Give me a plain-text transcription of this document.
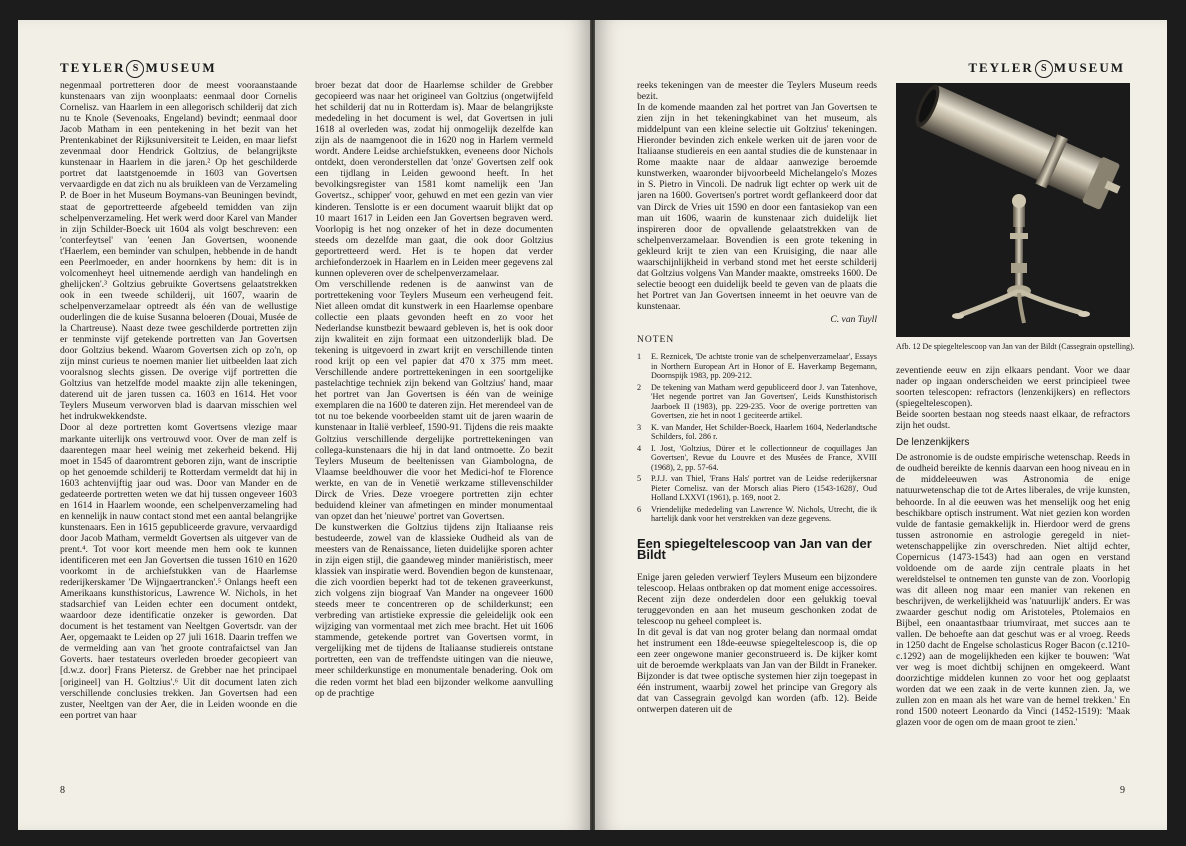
TEYLER S MUSEUM

negenmaal portretteren door de meest vooraanstaande kunstenaars van zijn woonplaats: eenmaal door Cornelis Cornelisz. van Haarlem in een allegorisch schilderij dat zich nu te Knole (Sevenoaks, Engeland) bevindt; eenmaal door Jacob Matham in een pentekening in het bezit van het Prentenkabinet der Rijksuniversiteit te Leiden, en maar liefst zevenmaal door Hendrick Goltzius, de belangrijkste kunstenaar in Haarlem in die jaren.² Op het geschilderde portret dat laatstgenoemde in 1603 van Govertsen vervaardigde en dat zich nu als bruikleen van de Verzameling P. de Boer in het Museum Boymans-van Beuningen bevindt, staat de geportretteerde afgebeeld temidden van zijn schelpenverzameling. Het werk werd door Karel van Mander in zijn Schilder-Boeck uit 1604 als volgt beschreven: een 'conterfeytsel' van 'eenen Jan Govertsen, woonende t'Haerlem, een beminder van schulpen, hebbende in de handt een Peerlmoeder, en ander hoornkens by hem: dit is in volcomenheyt heel uitnemende aerdigh van handelingh en ghelijcken'.³ Goltzius gebruikte Govertsens gelaatstrekken ook in een tweede schilderij, uit 1607, waarin de schelpenverzamelaar optreedt als één van de wellustige ouderlingen die de kuise Susanna beloeren (Douai, Musée de la Chartreuse). Naast deze twee geschilderde portretten zijn er tenminste vijf getekende portretten van Jan Govertsen door Goltzius bekend. Waarom Govertsen zich op zo'n, op zijn minst curieus te noemen manier liet uitbeelden laat zich vooralsnog slechts gissen. De overige vijf portretten die Goltzius van hetzelfde model maakte zijn alle tekeningen, daterend uit de jaren tussen ca. 1603 en 1614. Het voor Teylers Museum verworven blad is daarvan misschien wel het indrukwekkendste.

Door al deze portretten komt Govertsens vlezige maar markante uiterlijk ons vertrouwd voor. Over de man zelf is daarentegen maar heel weinig met zekerheid bekend. Hij moet in 1545 of daaromtrent geboren zijn, want de inscriptie op het genoemde schilderij te Rotterdam vermeldt dat hij in 1603 achtenvijftig jaar oud was. Door van Mander en de gedateerde portretten weten we dat hij tussen ongeveer 1603 en 1614 in Haarlem woonde, een schelpenverzameling had en kennelijk in nauw contact stond met een aantal belangrijke kunstenaars. Een in 1615 gepubliceerde gravure, vervaardigd door Jacob Matham, vermeldt Govertsen als uitgever van de prent.⁴. Tot voor kort meende men hem ook te kunnen identificeren met een Jan Govertsen die tussen 1610 en 1620 voorkomt in de archiefstukken van de Haarlemse rederijkerskamer 'De Wijngaertrancken'.⁵ Onlangs heeft een Amerikaans kunsthistoricus, Lawrence W. Nichols, in het stadsarchief van Leiden echter een document ontdekt, waardoor deze identificatie onzeker is geworden. Dat document is het testament van Neeltgen Govertsdr. van der Aer, opgemaakt te Leiden op 27 juli 1618. Daarin treffen we de vermelding aan van 'het groote contrafaictsel van Jan Goverts. haer testateurs overleden broeder gecopieert van [d.w.z. door] Frans Pietersz. de Grebber nae het principael [origineel] van H. Goltzius'.⁶ Uit dit document laten zich verschillende conclusies trekken. Jan Govertsen had een zuster, Neeltgen van der Aer, die in Leiden woonde en die een portret van haar

broer bezat dat door de Haarlemse schilder de Grebber gecopieerd was naar het origineel van Goltzius (ongetwijfeld het schilderij dat nu in Rotterdam is). Maar de belangrijkste mededeling in het document is wel, dat Govertsen in juli 1618 al overleden was, zodat hij onmogelijk dezelfde kan zijn als de naamgenoot die in 1620 nog in Harlem vermeld wordt. Andere Leidse archiefstukken, eveneens door Nichols ontdekt, doen veronderstellen dat 'onze' Govertsen zelf ook een tijdlang in Leiden gewoond heeft. In het bevolkingsregister van 1581 komt namelijk een 'Jan Govertsz., schipper' voor, gehuwd en met een gezin van vier kinderen. Tenslotte is er een document waaruit blijkt dat op 10 maart 1617 in Leiden een Jan Govertsen begraven werd. Voorlopig is het nog onzeker of het in deze documenten steeds om dezelfde man gaat, die ook door Goltzius geportretteerd werd. Het is te hopen dat verder archiefonderzoek in Haarlem en in Leiden meer gegevens zal kunnen opleveren over de schelpenverzamelaar.

Om verschillende redenen is de aanwinst van de portrettekening voor Teylers Museum een verheugend feit. Niet alleen omdat dit kunstwerk in een Haarlemse openbare collectie een plaats gevonden heeft en zo voor het Nederlandse kunstbezit bewaard gebleven is, het is ook door zijn kwaliteit en zijn formaat een uitzonderlijk blad. De tekening is uitgevoerd in zwart krijt en verschillende tinten rood krijt op een vel papier dat 470 x 375 mm meet. Verschillende andere portrettekeningen in een soortgelijke pastelachtige techniek zijn bekend van Goltzius' hand, maar het portret van Jan Govertsen is één van de weinige exemplaren die na 1600 te dateren zijn. Het merendeel van de tot nu toe bekende voorbeelden stamt uit de jaren waarin de kunstenaar in Italië verbleef, 1590-91. Tijdens die reis maakte Goltzius verschillende dergelijke portrettekeningen van collega-kunstenaars die hij in dat land ontmoette. Zo bezit Teylers Museum de beeltenissen van Giambologna, de Vlaamse beeldhouwer die voor het Medici-hof te Florence werkte, en van de in Venetië werkzame stillevenschilder Dirck de Vries. Deze vroegere portretten zijn echter beduidend kleiner van afmetingen en minder monumentaal van opzet dan het 'nieuwe' portret van Govertsen.

De kunstwerken die Goltzius tijdens zijn Italiaanse reis bestudeerde, zowel van de klassieke Oudheid als van de meesters van de Renaissance, lieten duidelijke sporen achter in zijn eigen stijl, die gaandeweg minder maniëristisch, meer klassiek van inspiratie werd. Bovendien begon de kunstenaar, die zich voordien beperkt had tot de tekenen graveerkunst, zich volgens zijn biograaf Van Mander na ongeveer 1600 steeds meer te concentreren op de schilderkunst; een verbreding van artistieke expressie die geleidelijk ook een wijziging van vormentaal met zich mee bracht. Het uit 1606 stammende, getekende portret van Govertsen vormt, in vergelijking met de tijdens de Italiaanse studiereis ontstane portretten, een van de treffendste uitingen van die nieuwe, meer schilderkunstige en monumentale benadering. Ook om die reden vormt het blad een bijzonder welkome aanvulling op de prachtige

8
TEYLER S MUSEUM

reeks tekeningen van de meester die Teylers Museum reeds bezit.

In de komende maanden zal het portret van Jan Govertsen te zien zijn in het tekeningkabinet van het museum, als middelpunt van een kleine selectie uit Goltzius' tekeningen. Hieronder bevinden zich enkele werken uit de jaren voor de Italiaanse studiereis en een aantal studies die de kunstenaar in Rome maakte naar de aldaar aanwezige beroemde kunstwerken, waaronder bijvoorbeeld Michelangelo's Mozes in S. Pietro in Vincoli. De nadruk ligt echter op werk uit de jaren na 1600. Govertsen's portret wordt geflankeerd door dat van Dirck de Vries uit 1590 en door een fantasiekop van een man uit 1606, waarin de kunstenaar zich duidelijk liet inspireren door de opvallende gelaatstrekken van de schelpenverzamelaar. Bovendien is een grote tekening in gekleurd krijt te zien van een Kruisiging, die naar alle waarschijnlijkheid in verband stond met het eerste schilderij dat Goltzius volgens Van Mander maakte, omstreeks 1600. De selectie beoogt een duidelijk beeld te geven van de plaats die het Portret van Jan Govertsen inneemt in het oeuvre van de kunstenaar.

C. van Tuyll
NOTEN
1	E. Reznicek, 'De achtste tronie van de schelpenverzamelaar', Essays in Northern European Art in Honor of E. Haverkamp Begemann, Doornspijk 1983, pp. 209-212.
2	De tekening van Matham werd gepubliceerd door J. van Tatenhove, 'Het negende portret van Jan Govertsen', Leids Kunsthistorisch Jaarboek II (1983), pp. 229-235. Voor de overige portretten van Govertsen, zie het in noot 1 geciteerde artikel.
3	K. van Mander, Het Schilder-Boeck, Haarlem 1604, Nederlandtsche Schilders, fol. 286 r.
4	I. Jost, 'Goltzius, Dürer et le collectionneur de coquillages Jan Govertsen', Revue du Louvre et des Musées de France, XVIII (1968), 2, pp. 57-64.
5	P.J.J. van Thiel, 'Frans Hals' portret van de Leidse rederijkersnar Pieter Cornelisz. van der Morsch alias Piero (1543-1628)', Oud Holland LXXVI (1961), p. 169, noot 2.
6	Vriendelijke mededeling van Lawrence W. Nichols, Utrecht, die ik hartelijk dank voor het verstrekken van deze gegevens.
Een spiegeltelescoop van Jan van der Bildt

Enige jaren geleden verwierf Teylers Museum een bijzondere telescoop. Helaas ontbraken op dat moment enige accessoires. Recent zijn deze onderdelen door een gelukkig toeval teruggevonden en aan het museum geschonken zodat de telescoop nu geheel compleet is.

In dit geval is dat van nog groter belang dan normaal omdat het instrument een 18de-eeuwse spiegeltelescoop is, die op een zeer ongewone manier geconstrueerd is. De kijker komt uit de beroemde werkplaats van Jan van der Bildt in Franeker. Bijzonder is dat twee optische systemen hier zijn toegepast in één instrument, waarbij zowel het principe van Gregory als dat van Cassegrain gevolgd kan worden (afb. 12). Beide ontwerpen dateren uit de

Afb. 12 De spiegeltelescoop van Jan van der Bildt (Cassegrain opstelling).

zeventiende eeuw en zijn elkaars pendant. Voor we daar nader op ingaan onderscheiden we eerst principieel twee soorten telescopen: refractors (lenzenkijkers) en reflectors (spiegeltelescopen).

Beide soorten bestaan nog steeds naast elkaar, de refractors zijn het oudst.

De lenzenkijkers

De astronomie is de oudste empirische wetenschap. Reeds in de oudheid bereikte de kennis daarvan een hoog niveau en in de middeleeuwen was Astronomia de enige natuurwetenschap die tot de Artes liberales, de vrije kunsten, behoorde. In al die eeuwen was het menselijk oog het enig beschikbare optisch instrument. Wat niet gezien kon worden vulde de fantasie gemakkelijk in. Hierdoor werd de grens tussen astronomie en astrologie geregeld in niet-wetenschappelijke zin overschreden. Niet altijd echter, Copernicus (1473-1543) had aan ogen en verstand voldoende om de aarde zijn centrale plaats in het wereldstelsel te ontnemen ten gunste van de zon. Voorlopig was dit alleen nog maar een manier van rekenen en beschrijven, de werkelijkheid was 'natuurlijk' anders. Er was zwaarder geschut nodig om Aristoteles, Ptolemaios en Bijbel, een onaantastbaar triumviraat, met succes aan te vallen. De behoefte aan dat geschut was er al vroeg. Reeds in 1250 dacht de Engelse scholasticus Roger Bacon (c.1210-c.1292) aan de mogelijkheden een kijker te bouwen: 'Wat ver weg is moet dichtbij schijnen en omgekeerd. Want doorzichtige middelen kunnen zo voor het oog geplaatst worden dat we een zaak in de verte kunnen zien. Ja, we zullen zon en maan als het ware van de hemel trekken.' En rond 1500 noteert Leonardo da Vinci (1452-1519): 'Maak glazen voor de ogen om de maan groot te zien.'

9
